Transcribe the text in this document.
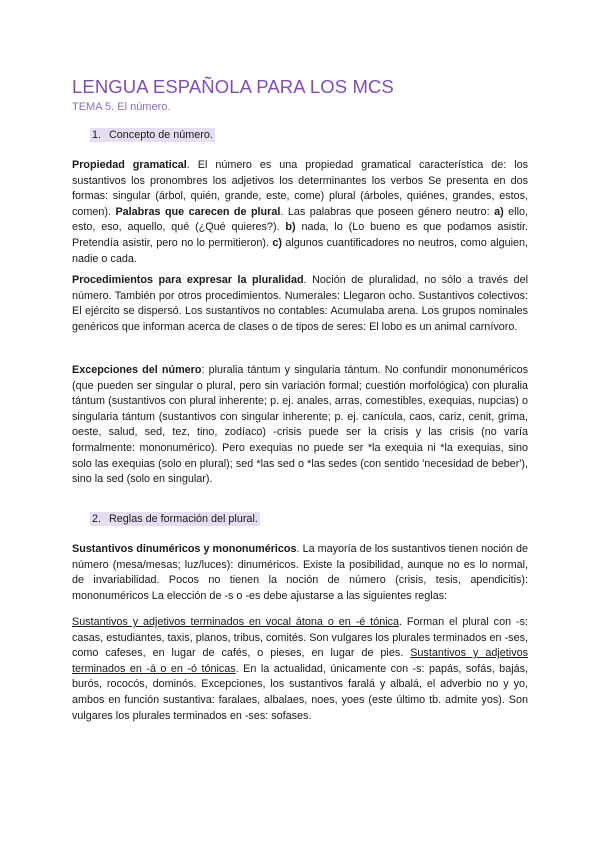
LENGUA ESPAÑOLA PARA LOS MCS
TEMA 5. El número.
1. Concepto de número.

Propiedad gramatical. El número es una propiedad gramatical característica de: los sustantivos los pronombres los adjetivos los determinantes los verbos Se presenta en dos formas: singular (árbol, quién, grande, este, come) plural (árboles, quiénes, grandes, estos, comen). Palabras que carecen de plural. Las palabras que poseen género neutro: a) ello, esto, eso, aquello, qué (¿Qué quieres?). b) nada, lo (Lo bueno es que podamos asistir. Pretendía asistir, pero no lo permitieron). c) algunos cuantificadores no neutros, como alguien, nadie o cada.

Procedimientos para expresar la pluralidad. Noción de pluralidad, no sólo a través del número. También por otros procedimientos. Numerales: Llegaron ocho. Sustantivos colectivos: El ejército se dispersó. Los sustantivos no contables: Acumulaba arena. Los grupos nominales genéricos que informan acerca de clases o de tipos de seres: El lobo es un animal carnívoro.

Excepciones del número: pluralia tántum y singularia tántum. No confundir mononuméricos (que pueden ser singular o plural, pero sin variación formal; cuestión morfológica) con pluralia tántum (sustantivos con plural inherente; p. ej. anales, arras, comestibles, exequias, nupcias) o singularia tántum (sustantivos con singular inherente; p. ej. canícula, caos, cariz, cenit, grima, oeste, salud, sed, tez, tino, zodíaco) -crisis puede ser la crisis y las crisis (no varía formalmente: mononumérico). Pero exequias no puede ser *la exequia ni *la exequias, sino solo las exequias (solo en plural); sed *las sed o *las sedes (con sentido 'necesidad de beber'), sino la sed (solo en singular).

2. Reglas de formación del plural.

Sustantivos dinuméricos y mononuméricos. La mayoría de los sustantivos tienen noción de número (mesa/mesas; luz/luces): dinuméricos. Existe la posibilidad, aunque no es lo normal, de invariabilidad. Pocos no tienen la noción de número (crisis, tesis, apendicitis): mononuméricos La elección de -s o -es debe ajustarse a las siguientes reglas:

Sustantivos y adjetivos terminados en vocal átona o en -é tónica. Forman el plural con -s: casas, estudiantes, taxis, planos, tribus, comités. Son vulgares los plurales terminados en -ses, como cafeses, en lugar de cafés, o pieses, en lugar de pies. Sustantivos y adjetivos terminados en -á o en -ó tónicas. En la actualidad, únicamente con -s: papás, sofás, bajás, burós, rococós, dominós. Excepciones, los sustantivos faralá y albalá, el adverbio no y yo, ambos en función sustantiva: faralaes, albalaes, noes, yoes (este último tb. admite yos). Son vulgares los plurales terminados en -ses: sofases.
